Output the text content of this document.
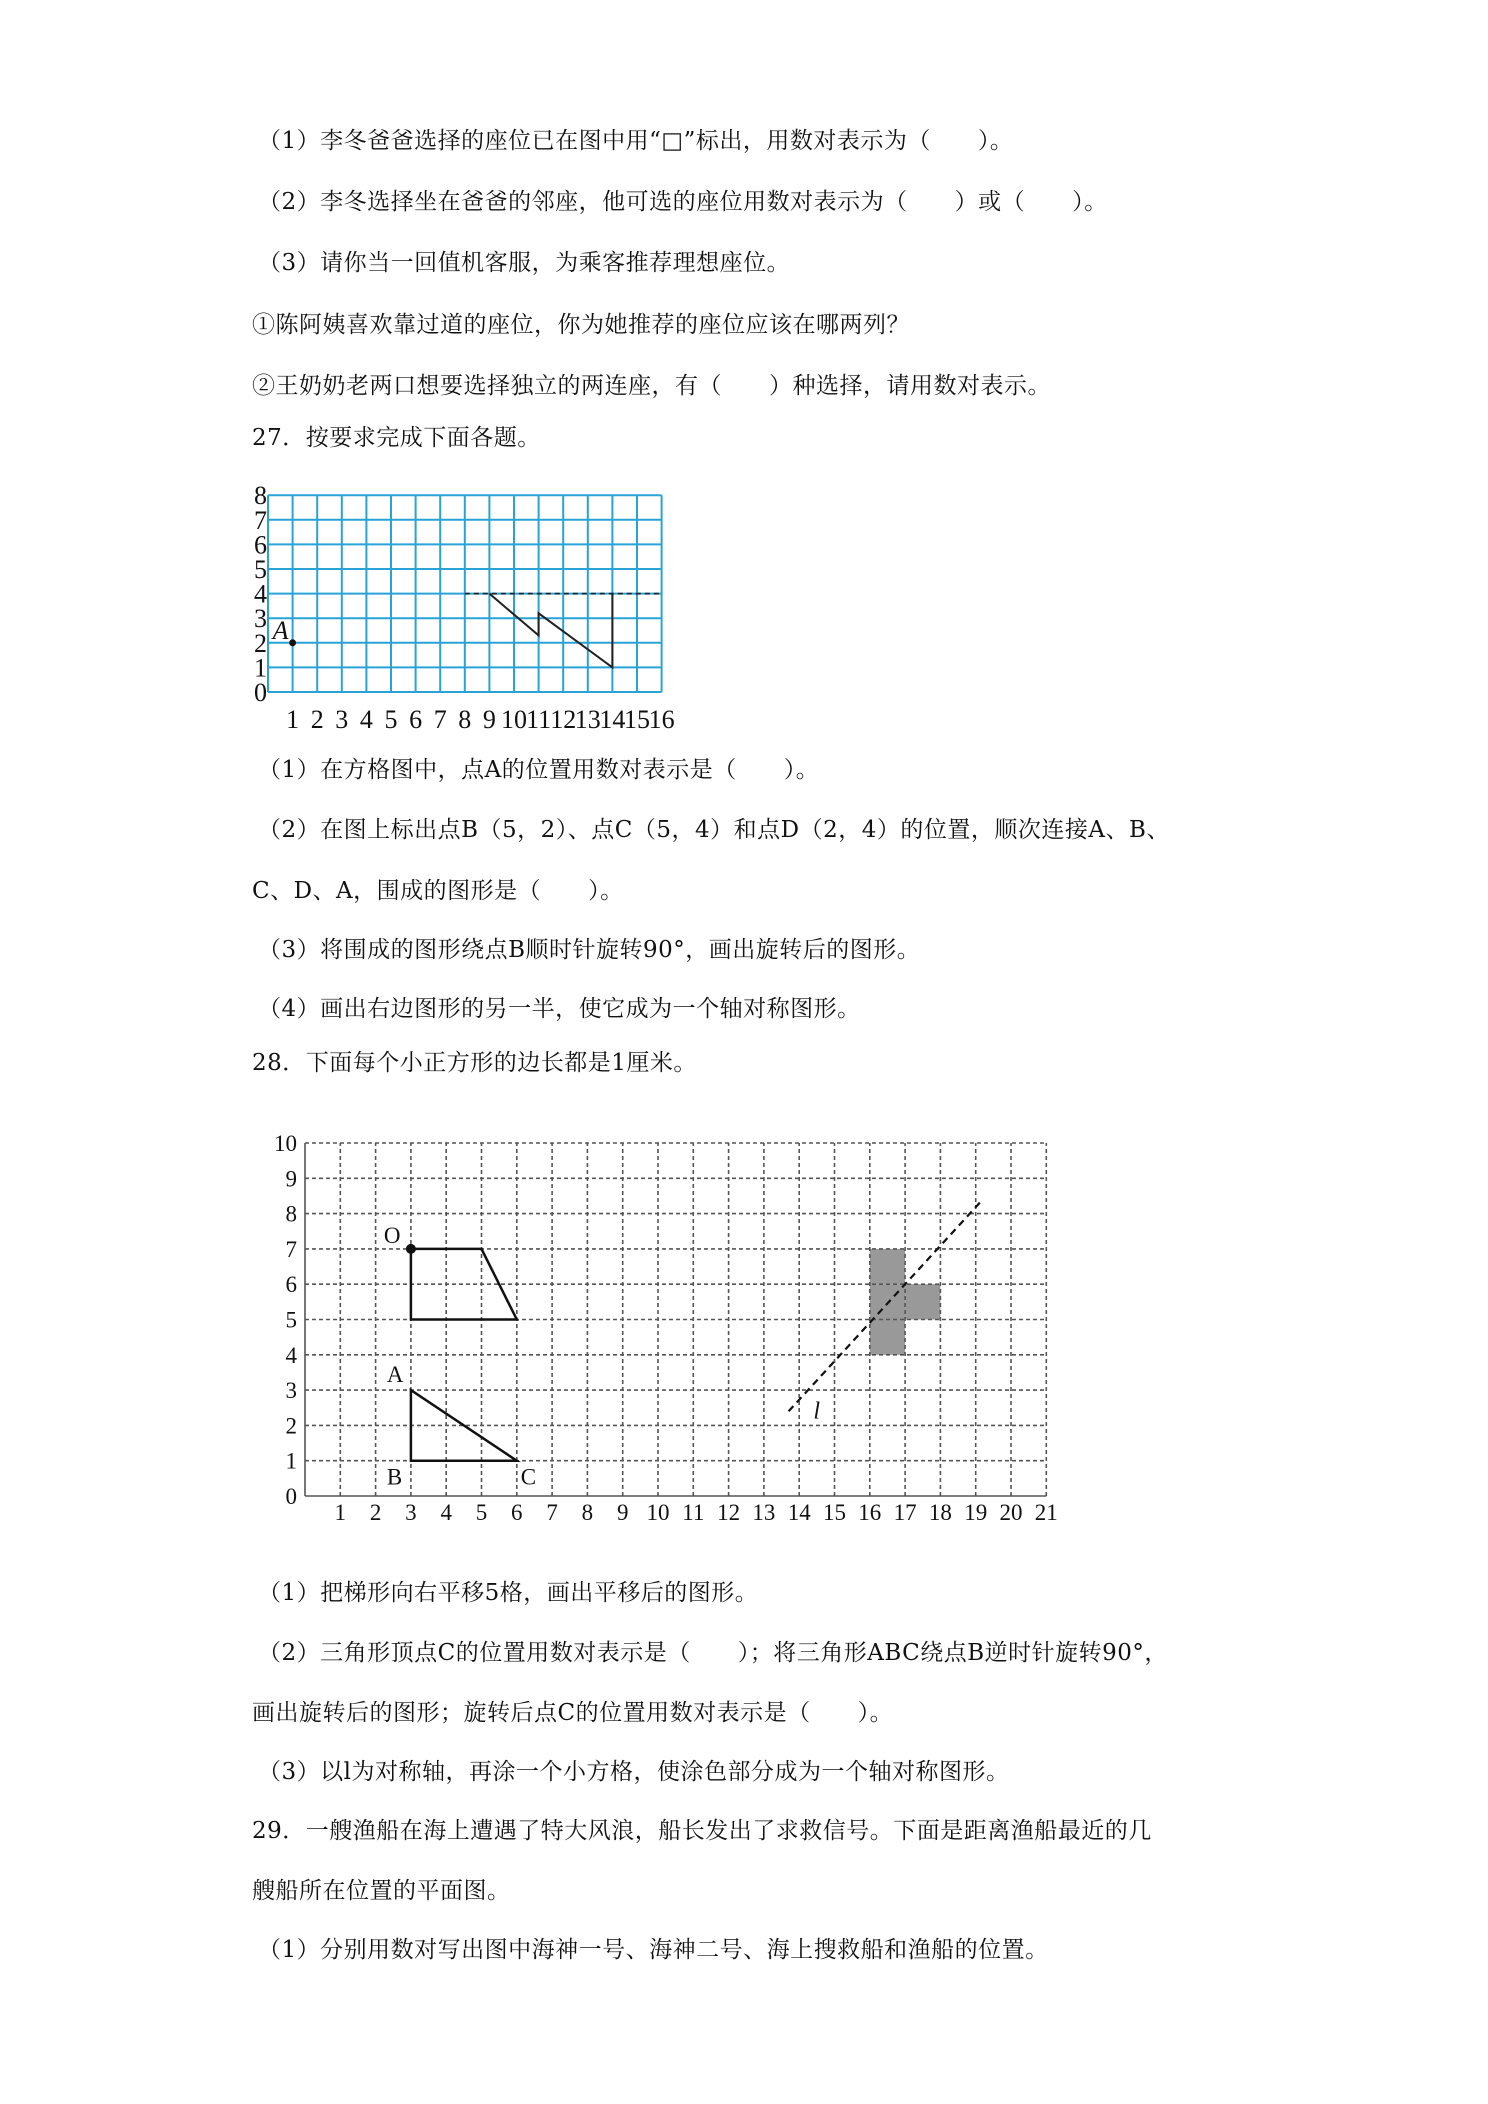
（1）李冬爸爸选择的座位已在图中用“□”标出，用数对表示为（　　）。
（2）李冬选择坐在爸爸的邻座，他可选的座位用数对表示为（　　）或（　　）。
（3）请你当一回值机客服，为乘客推荐理想座位。
①陈阿姨喜欢靠过道的座位，你为她推荐的座位应该在哪两列？
②王奶奶老两口想要选择独立的两连座，有（　　）种选择，请用数对表示。
27．按要求完成下面各题。
1 2 3 4 5 6 7 8 9 10 11 12
13
14
15
16
0
1
2
3
4
5
6
7
8
A
（1）在方格图中，点A的位置用数对表示是（　　）。
（2）在图上标出点B（5，2）、点C（5，4）和点D（2，4）的位置，顺次连接A、B、
C、D、A，围成的图形是（　　）。
（3）将围成的图形绕点B顺时针旋转90°，画出旋转后的图形。
（4）画出右边图形的另一半，使它成为一个轴对称图形。
28．下面每个小正方形的边长都是1厘米。
1 2 3 4 5 6 7 8 9 10 11 12 13 14 15 16 17 18 19 20 21
0
1
2
3
4
5
6
7
8
9
10
O
A
B	C
l
（1）把梯形向右平移5格，画出平移后的图形。
（2）三角形顶点C的位置用数对表示是（　　）；将三角形ABC绕点B逆时针旋转90°，
画出旋转后的图形；旋转后点C的位置用数对表示是（　　）。
（3）以l为对称轴，再涂一个小方格，使涂色部分成为一个轴对称图形。
29．一艘渔船在海上遭遇了特大风浪，船长发出了求救信号。下面是距离渔船最近的几
艘船所在位置的平面图。
（1）分别用数对写出图中海神一号、海神二号、海上搜救船和渔船的位置。
